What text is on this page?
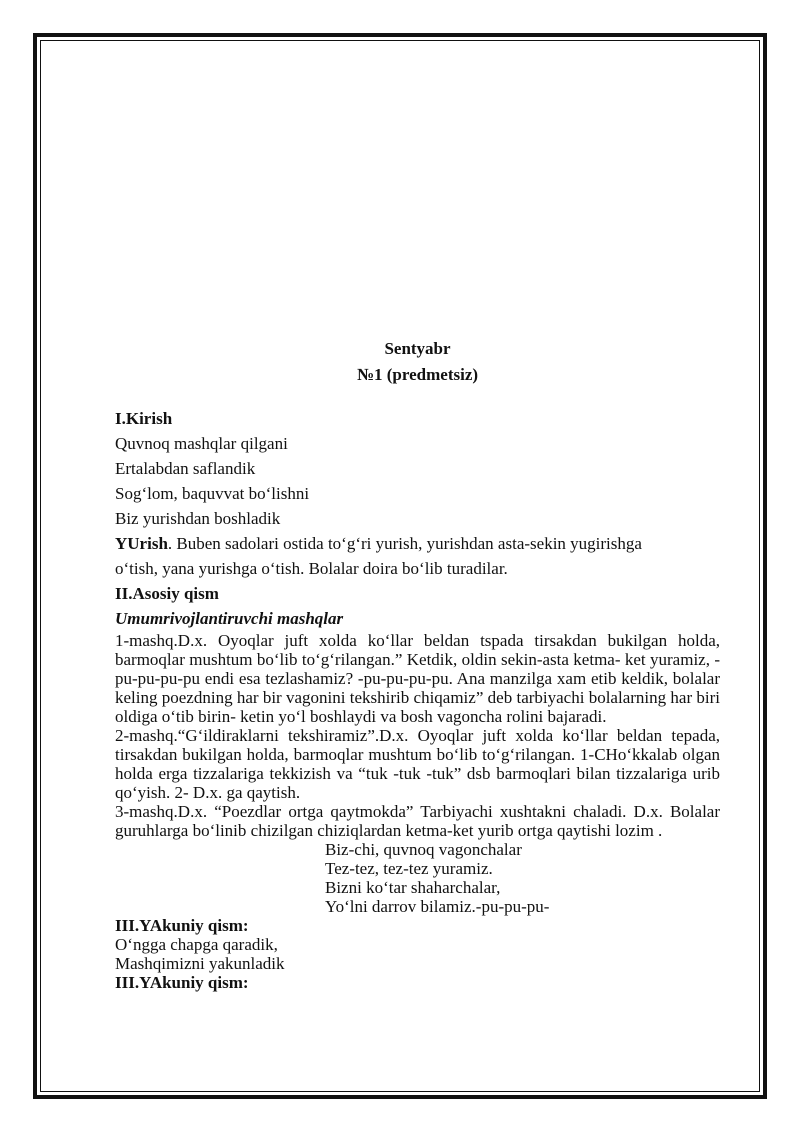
Sentyabr

№1 (predmetsiz)

I.Kirish

Quvnoq mashqlar qilgani

Ertalabdan saflandik

Sog‘lom, baquvvat bo‘lishni

Biz yurishdan boshladik

YUrish. Buben sadolari ostida to‘g‘ri yurish, yurishdan asta-sekin yugirishga

o‘tish, yana yurishga o‘tish. Bolalar doira bo‘lib turadilar.

II.Asosiy qism

Umumrivojlantiruvchi mashqlar

1-mashq.D.x. Oyoqlar juft xolda ko‘llar beldan tspada tirsakdan bukilgan holda, barmoqlar mushtum bo‘lib to‘g‘rilangan.” Ketdik, oldin sekin-asta ketma- ket yuramiz, -pu-pu-pu-pu endi esa tezlashamiz? -pu-pu-pu-pu. Ana manzilga xam etib keldik, bolalar keling poezdning har bir vagonini tekshirib chiqamiz” deb tarbiyachi bolalarning har biri oldiga o‘tib birin- ketin yo‘l boshlaydi va bosh vagoncha rolini bajaradi.

2-mashq.“G‘ildiraklarni tekshiramiz”.D.x. Oyoqlar juft xolda ko‘llar beldan tepada, tirsakdan bukilgan holda, barmoqlar mushtum bo‘lib to‘g‘rilangan. 1-CHo‘kkalab olgan holda erga tizzalariga tekkizish va “tuk -tuk -tuk” dsb barmoqlari bilan tizzalariga urib qo‘yish. 2- D.x. ga qaytish.

3-mashq.D.x. “Poezdlar ortga qaytmokda” Tarbiyachi xushtakni chaladi. D.x. Bolalar guruhlarga bo‘linib chizilgan chiziqlardan ketma-ket yurib ortga qaytishi lozim .

Biz-chi, quvnoq vagonchalar

Tez-tez, tez-tez yuramiz.

Bizni ko‘tar shaharchalar,

Yo‘lni darrov bilamiz.-pu-pu-pu-

III.YAkuniy qism:

O‘ngga chapga qaradik,

Mashqimizni yakunladik

III.YAkuniy qism:
